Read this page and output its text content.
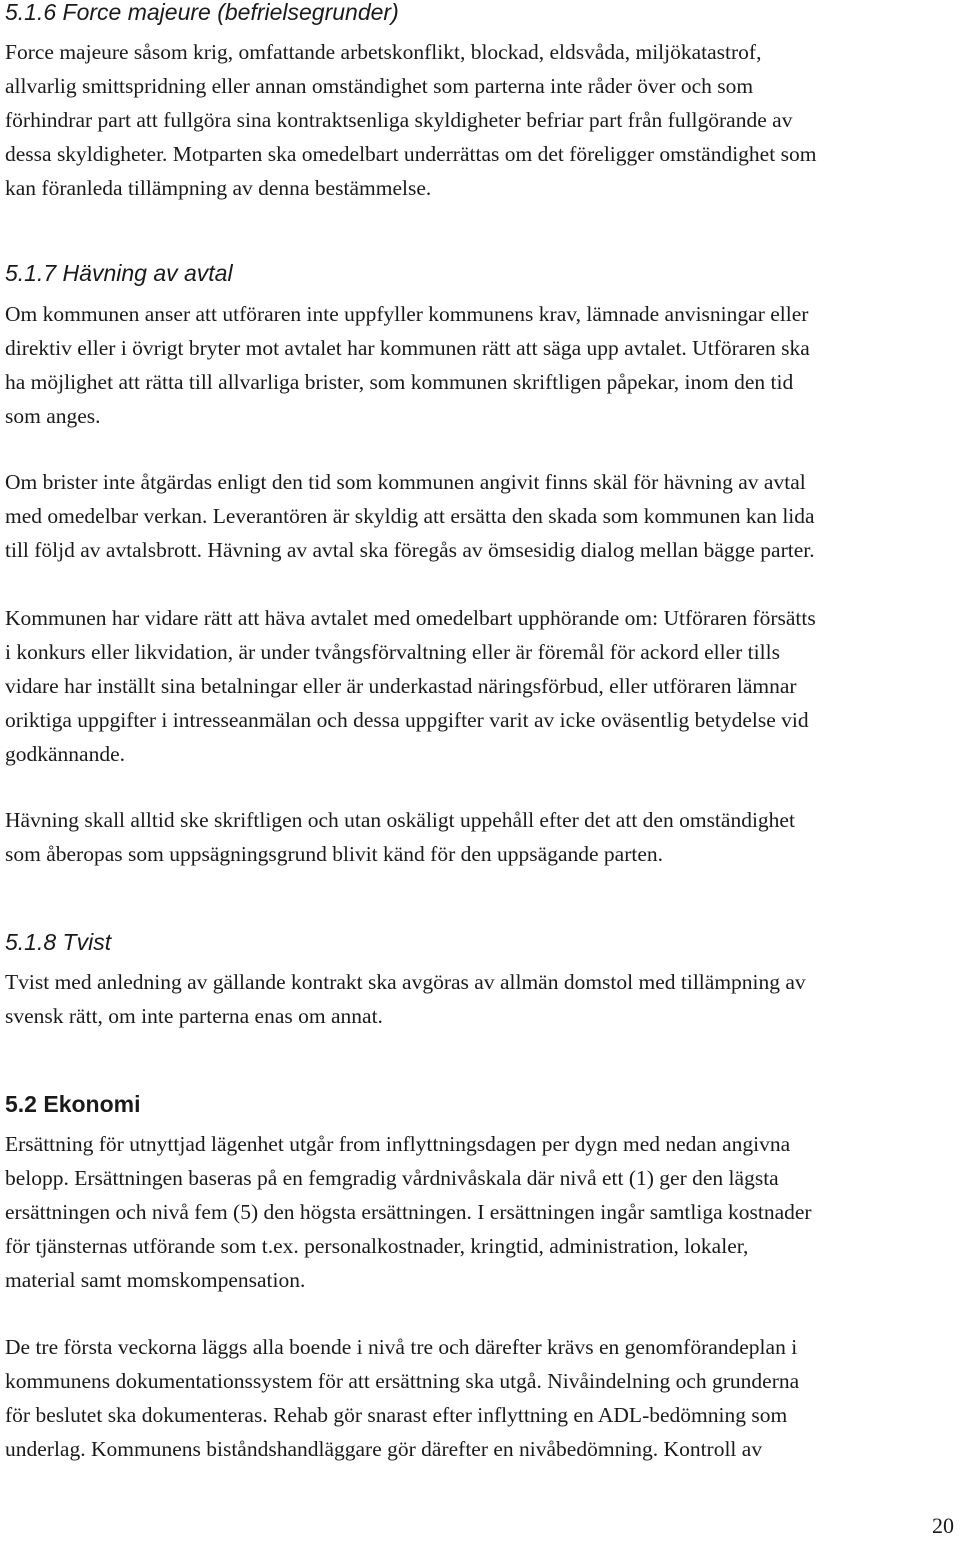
5.1.6 Force majeure (befrielsegrunder)

Force majeure såsom krig, omfattande arbetskonflikt, blockad, eldsvåda, miljökatastrof,
allvarlig smittspridning eller annan omständighet som parterna inte råder över och som
förhindrar part att fullgöra sina kontraktsenliga skyldigheter befriar part från fullgörande av
dessa skyldigheter. Motparten ska omedelbart underrättas om det föreligger omständighet som
kan föranleda tillämpning av denna bestämmelse.

5.1.7 Hävning av avtal

Om kommunen anser att utföraren inte uppfyller kommunens krav, lämnade anvisningar eller
direktiv eller i övrigt bryter mot avtalet har kommunen rätt att säga upp avtalet. Utföraren ska
ha möjlighet att rätta till allvarliga brister, som kommunen skriftligen påpekar, inom den tid
som anges.

Om brister inte åtgärdas enligt den tid som kommunen angivit finns skäl för hävning av avtal
med omedelbar verkan. Leverantören är skyldig att ersätta den skada som kommunen kan lida
till följd av avtalsbrott. Hävning av avtal ska föregås av ömsesidig dialog mellan bägge parter.

Kommunen har vidare rätt att häva avtalet med omedelbart upphörande om: Utföraren försätts
i konkurs eller likvidation, är under tvångsförvaltning eller är föremål för ackord eller tills
vidare har inställt sina betalningar eller är underkastad näringsförbud, eller utföraren lämnar
oriktiga uppgifter i intresseanmälan och dessa uppgifter varit av icke oväsentlig betydelse vid
godkännande.

Hävning skall alltid ske skriftligen och utan oskäligt uppehåll efter det att den omständighet
som åberopas som uppsägningsgrund blivit känd för den uppsägande parten.

5.1.8 Tvist

Tvist med anledning av gällande kontrakt ska avgöras av allmän domstol med tillämpning av
svensk rätt, om inte parterna enas om annat.

5.2 Ekonomi

Ersättning för utnyttjad lägenhet utgår from inflyttningsdagen per dygn med nedan angivna
belopp. Ersättningen baseras på en femgradig vårdnivåskala där nivå ett (1) ger den lägsta
ersättningen och nivå fem (5) den högsta ersättningen. I ersättningen ingår samtliga kostnader
för tjänsternas utförande som t.ex. personalkostnader, kringtid, administration, lokaler,
material samt momskompensation.

De tre första veckorna läggs alla boende i nivå tre och därefter krävs en genomförandeplan i
kommunens dokumentationssystem för att ersättning ska utgå. Nivåindelning och grunderna
för beslutet ska dokumenteras. Rehab gör snarast efter inflyttning en ADL-bedömning som
underlag. Kommunens biståndshandläggare gör därefter en nivåbedömning. Kontroll av

20
